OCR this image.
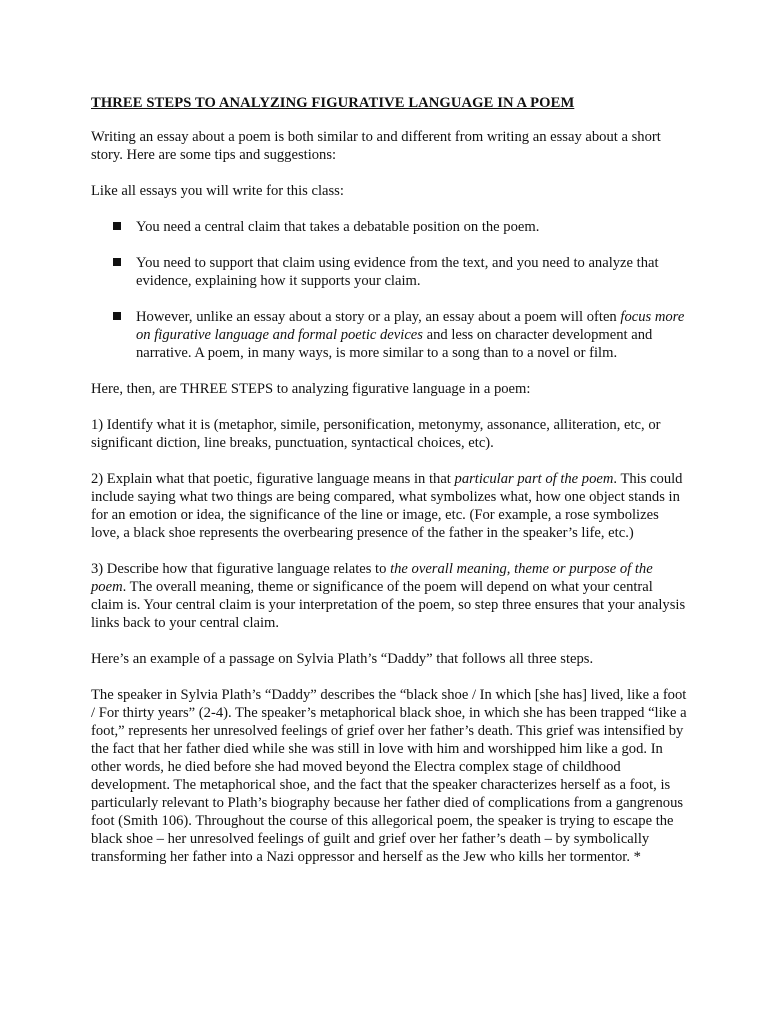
THREE STEPS TO ANALYZING FIGURATIVE LANGUAGE IN A POEM

Writing an essay about a poem is both similar to and different from writing an essay about a short story. Here are some tips and suggestions:

Like all essays you will write for this class:

You need a central claim that takes a debatable position on the poem.
You need to support that claim using evidence from the text, and you need to analyze that evidence, explaining how it supports your claim.
However, unlike an essay about a story or a play, an essay about a poem will often focus more on figurative language and formal poetic devices and less on character development and narrative. A poem, in many ways, is more similar to a song than to a novel or film.

Here, then, are THREE STEPS to analyzing figurative language in a poem:

1) Identify what it is (metaphor, simile, personification, metonymy, assonance, alliteration, etc, or significant diction, line breaks, punctuation, syntactical choices, etc).

2) Explain what that poetic, figurative language means in that particular part of the poem. This could include saying what two things are being compared, what symbolizes what, how one object stands in for an emotion or idea, the significance of the line or image, etc. (For example, a rose symbolizes love, a black shoe represents the overbearing presence of the father in the speaker’s life, etc.)

3) Describe how that figurative language relates to the overall meaning, theme or purpose of the poem. The overall meaning, theme or significance of the poem will depend on what your central claim is. Your central claim is your interpretation of the poem, so step three ensures that your analysis links back to your central claim.

Here’s an example of a passage on Sylvia Plath’s “Daddy” that follows all three steps.

The speaker in Sylvia Plath’s “Daddy” describes the “black shoe / In which [she has] lived, like a foot / For thirty years” (2-4). The speaker’s metaphorical black shoe, in which she has been trapped “like a foot,” represents her unresolved feelings of grief over her father’s death. This grief was intensified by the fact that her father died while she was still in love with him and worshipped him like a god. In other words, he died before she had moved beyond the Electra complex stage of childhood development. The metaphorical shoe, and the fact that the speaker characterizes herself as a foot, is particularly relevant to Plath’s biography because her father died of complications from a gangrenous foot (Smith 106). Throughout the course of this allegorical poem, the speaker is trying to escape the black shoe – her unresolved feelings of guilt and grief over her father’s death – by symbolically transforming her father into a Nazi oppressor and herself as the Jew who kills her tormentor. *
